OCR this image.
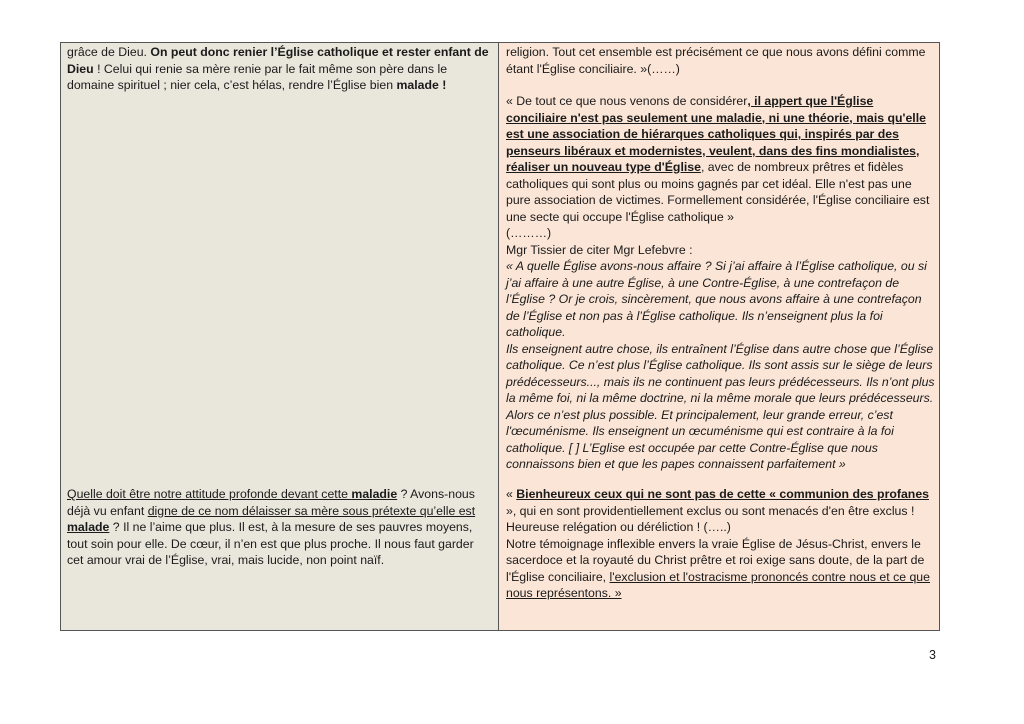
grâce de Dieu. On peut donc renier l’Église catholique et rester enfant de Dieu ! Celui qui renie sa mère renie par le fait même son père dans le domaine spirituel ; nier cela, c’est hélas, rendre l’Église bien malade !

Quelle doit être notre attitude profonde devant cette maladie ? Avons-nous déjà vu enfant digne de ce nom délaisser sa mère sous prétexte qu’elle est malade ? Il ne l’aime que plus. Il est, à la mesure de ses pauvres moyens, tout soin pour elle. De cœur, il n’en est que plus proche. Il nous faut garder cet amour vrai de l’Église, vrai, mais lucide, non point naïf.

religion. Tout cet ensemble est précisément ce que nous avons défini comme étant l'Église conciliaire. »(……)

« De tout ce que nous venons de considérer, il appert que l'Église conciliaire n'est pas seulement une maladie, ni une théorie, mais qu'elle est une association de hiérarques catholiques qui, inspirés par des penseurs libéraux et modernistes, veulent, dans des fins mondialistes, réaliser un nouveau type d'Église, avec de nombreux prêtres et fidèles catholiques qui sont plus ou moins gagnés par cet idéal. Elle n'est pas une pure association de victimes. Formellement considérée, l'Église conciliaire est une secte qui occupe l'Église catholique »

(………)

Mgr Tissier de citer Mgr Lefebvre :

« A quelle Église avons-nous affaire ? Si j’ai affaire à l’Église catholique, ou si j’ai affaire à une autre Église, à une Contre-Église, à une contrefaçon de l’Église ? Or je crois, sincèrement, que nous avons affaire à une contrefaçon de l’Église et non pas à l’Église catholique. Ils n’enseignent plus la foi catholique.

Ils enseignent autre chose, ils entraînent l’Église dans autre chose que l’Église catholique. Ce n’est plus l’Église catholique. Ils sont assis sur le siège de leurs prédécesseurs..., mais ils ne continuent pas leurs prédécesseurs. Ils n’ont plus la même foi, ni la même doctrine, ni la même morale que leurs prédécesseurs. Alors ce n’est plus possible. Et principalement, leur grande erreur, c’est l'œcuménisme. Ils enseignent un œcuménisme qui est contraire à la foi catholique. [ ] L’Eglise est occupée par cette Contre-Église que nous connaissons bien et que les papes connaissent parfaitement »

« Bienheureux ceux qui ne sont pas de cette « communion des profanes », qui en sont providentiellement exclus ou sont menacés d'en être exclus ! Heureuse relégation ou déréliction ! (…..)

Notre témoignage inflexible envers la vraie Église de Jésus-Christ, envers le sacerdoce et la royauté du Christ prêtre et roi exige sans doute, de la part de l'Église conciliaire, l'exclusion et l'ostracisme prononcés contre nous et ce que nous représentons. »

3
